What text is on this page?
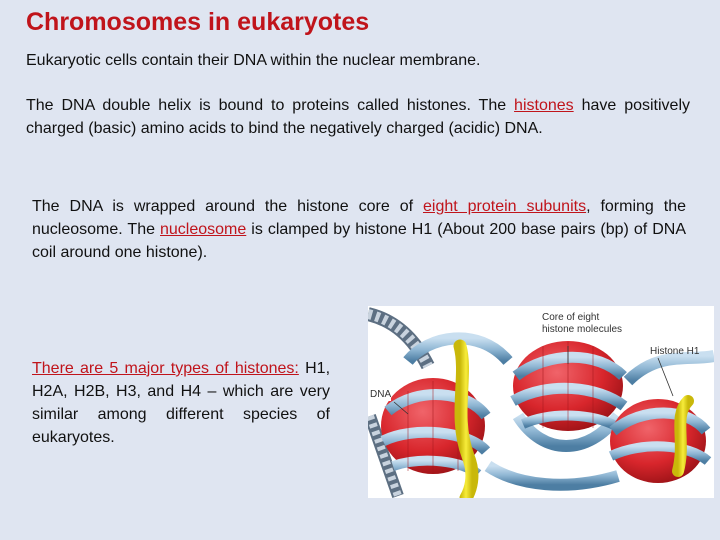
Chromosomes in eukaryotes

Eukaryotic cells contain their DNA within the nuclear membrane.

The DNA double helix is bound to proteins called histones. The histones have positively charged (basic) amino acids to bind the negatively charged (acidic) DNA.

The DNA is wrapped around the histone core of eight protein subunits, forming the nucleosome. The nucleosome is clamped by histone H1 (About 200 base pairs (bp) of DNA coil around one histone).

There are 5 major types of histones: H1, H2A, H2B, H3, and H4 – which are very similar among different species of eukaryotes.

Core of eight
histone molecules
Histone H1
DNA
